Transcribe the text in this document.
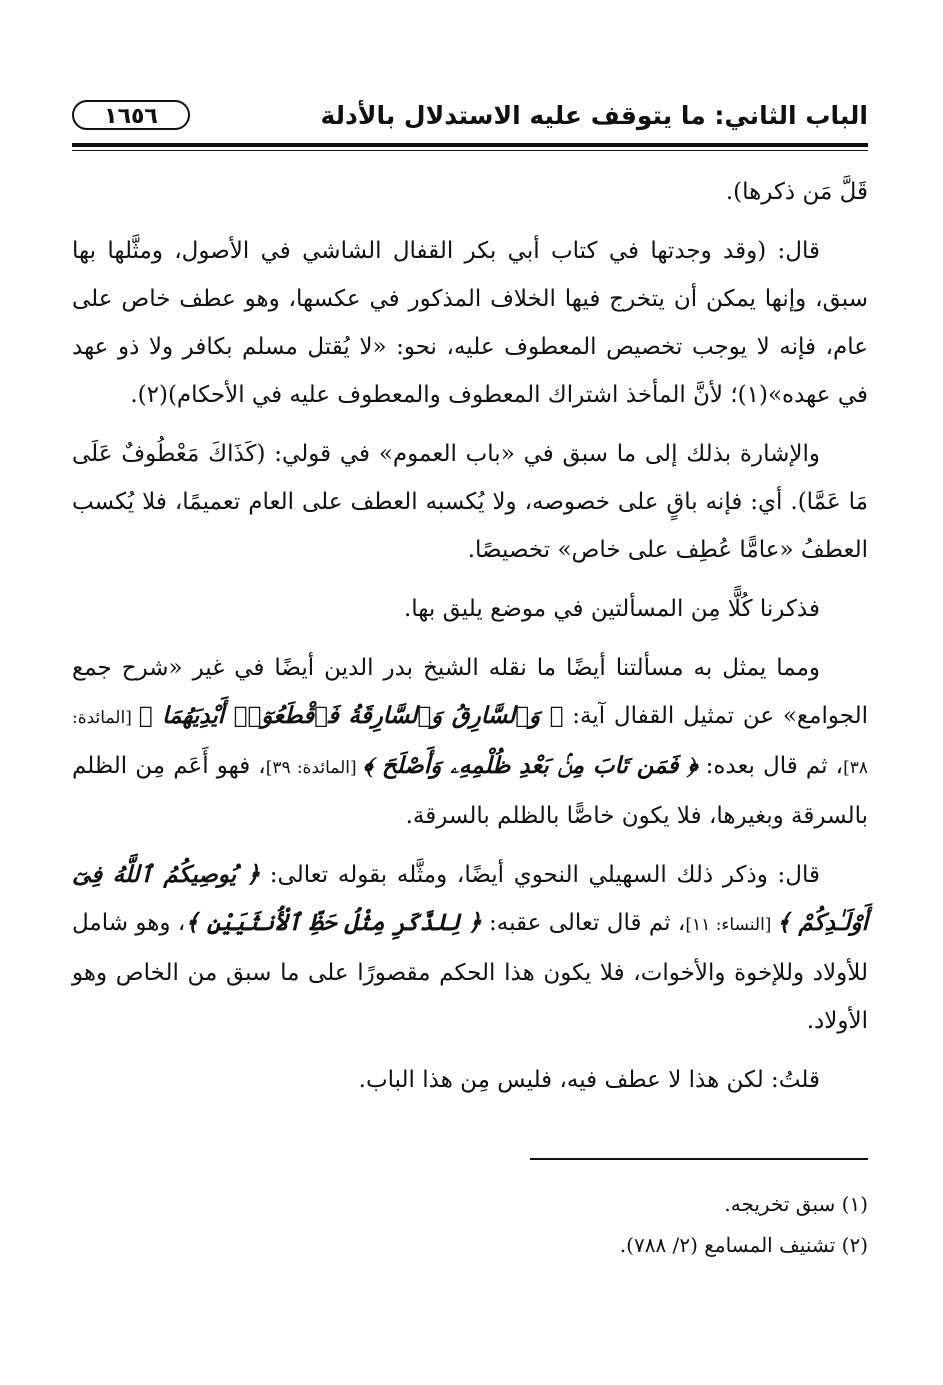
الباب الثاني: ما يتوقف عليه الاستدلال بالأدلة
١٦٥٦

قَلَّ مَن ذكرها).

قال: (وقد وجدتها في كتاب أبي بكر القفال الشاشي في الأصول، ومثَّلها بها سبق، وإنها يمكن أن يتخرج فيها الخلاف المذكور في عكسها، وهو عطف خاص على عام، فإنه لا يوجب تخصيص المعطوف عليه، نحو: «لا يُقتل مسلم بكافر ولا ذو عهد في عهده»(١)؛ لأنَّ المأخذ اشتراك المعطوف والمعطوف عليه في الأحكام)(٢).

والإشارة بذلك إلى ما سبق في «باب العموم» في قولي: (كَذَاكَ مَعْطُوفٌ عَلَى مَا عَمَّا). أي: فإنه باقٍ على خصوصه، ولا يُكسبه العطف على العام تعميمًا، فلا يُكسب العطفُ «عامًّا عُطِف على خاص» تخصيصًا.

فذكرنا كُلًّا مِن المسألتين في موضع يليق بها.

ومما يمثل به مسألتنا أيضًا ما نقله الشيخ بدر الدين أيضًا في غير «شرح جمع الجوامع» عن تمثيل القفال آية: ﴿ وَٱلسَّارِقُ وَٱلسَّارِقَةُ فَٱقْطَعُوٓا۟ أَيْدِيَهُمَا ﴾ [المائدة: ٣٨]، ثم قال بعده: ﴿ فَمَن تَابَ مِنۢ بَعْدِ ظُلْمِهِۦ وَأَصْلَحَ ﴾ [المائدة: ٣٩]، فهو أَعَم مِن الظلم بالسرقة وبغيرها، فلا يكون خاصًّا بالظلم بالسرقة.

قال: وذكر ذلك السهيلي النحوي أيضًا، ومثَّله بقوله تعالى: ﴿ يُوصِيكُمُ ٱللَّهُ فِىٓ أَوْلَـٰدِكُمْ ﴾ [النساء: ١١]، ثم قال تعالى عقبه: ﴿ لِلذَّكَرِ مِثْلُ حَظِّ ٱلْأُنثَيَيْنِ ﴾، وهو شامل للأولاد وللإخوة والأخوات، فلا يكون هذا الحكم مقصورًا على ما سبق من الخاص وهو الأولاد.

قلتُ: لكن هذا لا عطف فيه، فليس مِن هذا الباب.

(١) سبق تخريجه.

(٢) تشنيف المسامع (٢/ ٧٨٨).
